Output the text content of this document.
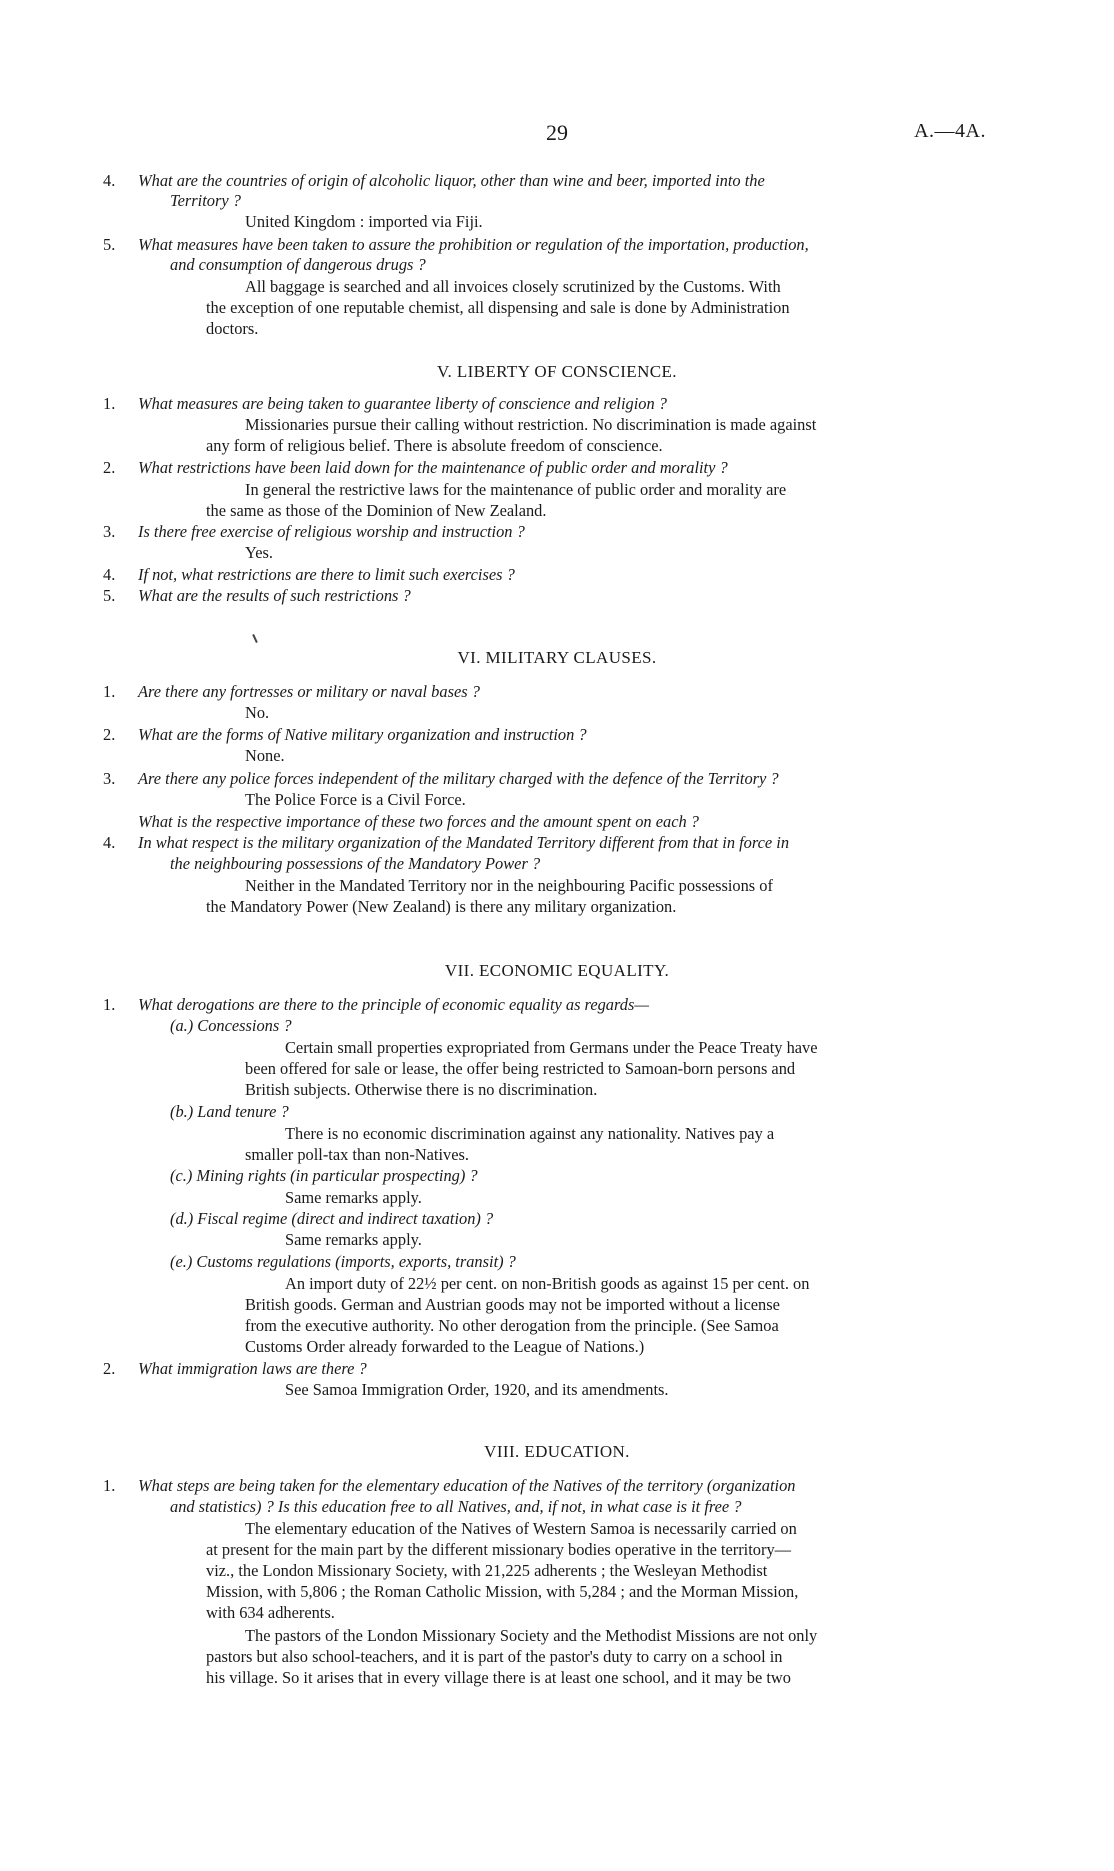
29	A.—4A.
4. What are the countries of origin of alcoholic liquor, other than wine and beer, imported into the
Territory ?
United Kingdom : imported via Fiji.
5. What measures have been taken to assure the prohibition or regulation of the importation, production,
and consumption of dangerous drugs ?
All baggage is searched and all invoices closely scrutinized by the Customs. With
the exception of one reputable chemist, all dispensing and sale is done by Administration
doctors.
V. LIBERTY OF CONSCIENCE.
1. What measures are being taken to guarantee liberty of conscience and religion ?
Missionaries pursue their calling without restriction. No discrimination is made against
any form of religious belief. There is absolute freedom of conscience.
2. What restrictions have been laid down for the maintenance of public order and morality ?
In general the restrictive laws for the maintenance of public order and morality are
the same as those of the Dominion of New Zealand.
3. Is there free exercise of religious worship and instruction ?
Yes.
4. If not, what restrictions are there to limit such exercises ?
5. What are the results of such restrictions ?
VI. MILITARY CLAUSES.
1. Are there any fortresses or military or naval bases ?
No.
2. What are the forms of Native military organization and instruction ?
None.
3. Are there any police forces independent of the military charged with the defence of the Territory ?
The Police Force is a Civil Force.
What is the respective importance of these two forces and the amount spent on each ?
4. In what respect is the military organization of the Mandated Territory different from that in force in
the neighbouring possessions of the Mandatory Power ?
Neither in the Mandated Territory nor in the neighbouring Pacific possessions of
the Mandatory Power (New Zealand) is there any military organization.
VII. ECONOMIC EQUALITY.
1. What derogations are there to the principle of economic equality as regards—
(a.) Concessions ?
Certain small properties expropriated from Germans under the Peace Treaty have
been offered for sale or lease, the offer being restricted to Samoan-born persons and
British subjects. Otherwise there is no discrimination.
(b.) Land tenure ?
There is no economic discrimination against any nationality. Natives pay a
smaller poll-tax than non-Natives.
(c.) Mining rights (in particular prospecting) ?
Same remarks apply.
(d.) Fiscal regime (direct and indirect taxation) ?
Same remarks apply.
(e.) Customs regulations (imports, exports, transit) ?
An import duty of 22½ per cent. on non-British goods as against 15 per cent. on
British goods. German and Austrian goods may not be imported without a license
from the executive authority. No other derogation from the principle. (See Samoa
Customs Order already forwarded to the League of Nations.)
2. What immigration laws are there ?
See Samoa Immigration Order, 1920, and its amendments.
VIII. EDUCATION.
1. What steps are being taken for the elementary education of the Natives of the territory (organization
and statistics) ? Is this education free to all Natives, and, if not, in what case is it free ?
The elementary education of the Natives of Western Samoa is necessarily carried on
at present for the main part by the different missionary bodies operative in the territory—
viz., the London Missionary Society, with 21,225 adherents ; the Wesleyan Methodist
Mission, with 5,806 ; the Roman Catholic Mission, with 5,284 ; and the Morman Mission,
with 634 adherents.
The pastors of the London Missionary Society and the Methodist Missions are not only
pastors but also school-teachers, and it is part of the pastor's duty to carry on a school in
his village. So it arises that in every village there is at least one school, and it may be two
